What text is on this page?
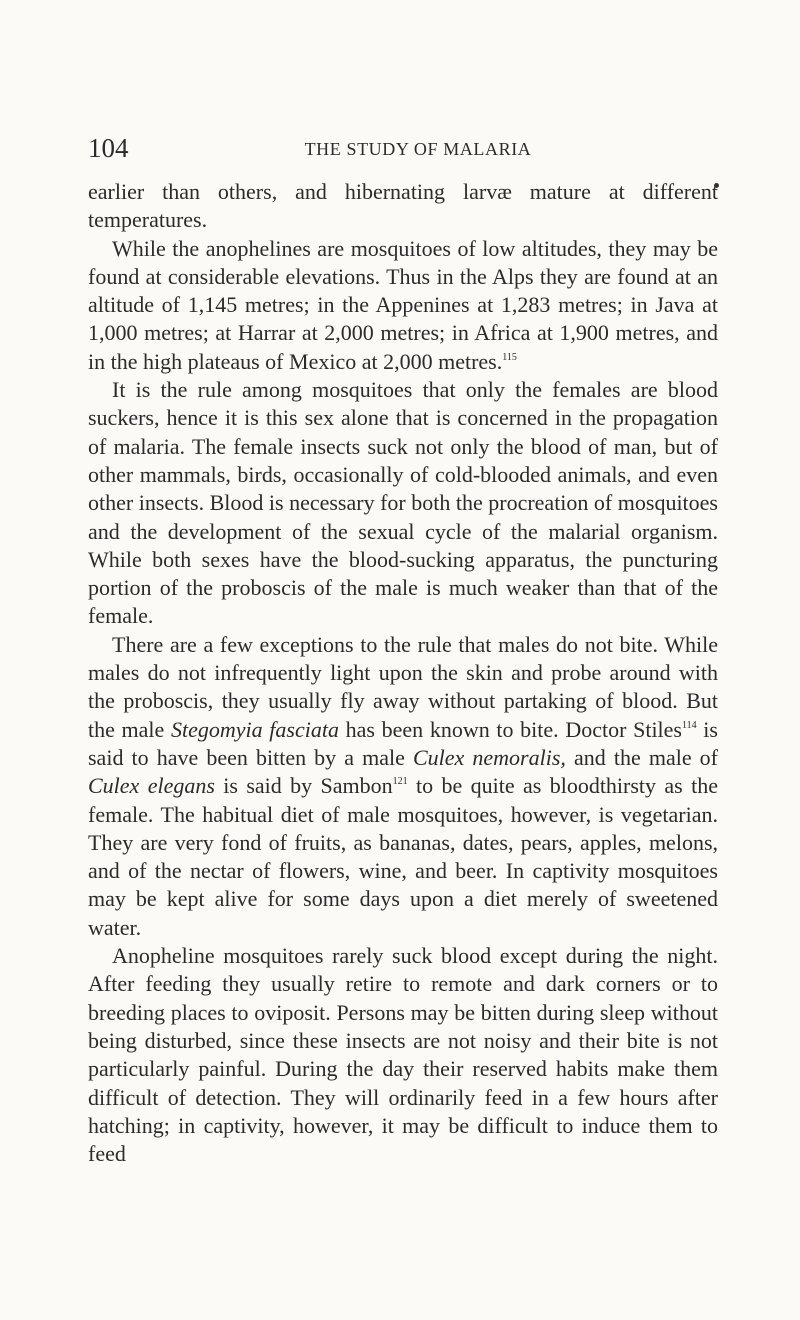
104	THE STUDY OF MALARIA

earlier than others, and hibernating larvæ mature at different temperatures.

While the anophelines are mosquitoes of low altitudes, they may be found at considerable elevations. Thus in the Alps they are found at an altitude of 1,145 metres; in the Appenines at 1,283 metres; in Java at 1,000 metres; at Harrar at 2,000 metres; in Africa at 1,900 metres, and in the high plateaus of Mexico at 2,000 metres.$^{115}$

It is the rule among mosquitoes that only the females are blood suckers, hence it is this sex alone that is concerned in the propagation of malaria. The female insects suck not only the blood of man, but of other mammals, birds, occasionally of cold-blooded animals, and even other insects. Blood is necessary for both the procreation of mosquitoes and the development of the sexual cycle of the malarial organism. While both sexes have the blood-sucking apparatus, the puncturing portion of the proboscis of the male is much weaker than that of the female.

There are a few exceptions to the rule that males do not bite. While males do not infrequently light upon the skin and probe around with the proboscis, they usually fly away without partaking of blood. But the male Stegomyia fasciata has been known to bite. Doctor Stiles$^{114}$ is said to have been bitten by a male Culex nemoralis, and the male of Culex elegans is said by Sambon$^{121}$ to be quite as bloodthirsty as the female. The habitual diet of male mosquitoes, however, is vegetarian. They are very fond of fruits, as bananas, dates, pears, apples, melons, and of the nectar of flowers, wine, and beer. In captivity mosquitoes may be kept alive for some days upon a diet merely of sweetened water.

Anopheline mosquitoes rarely suck blood except during the night. After feeding they usually retire to remote and dark corners or to breeding places to oviposit. Persons may be bitten during sleep without being disturbed, since these insects are not noisy and their bite is not particularly painful. During the day their reserved habits make them difficult of detection. They will ordinarily feed in a few hours after hatching; in captivity, however, it may be difficult to induce them to feed
